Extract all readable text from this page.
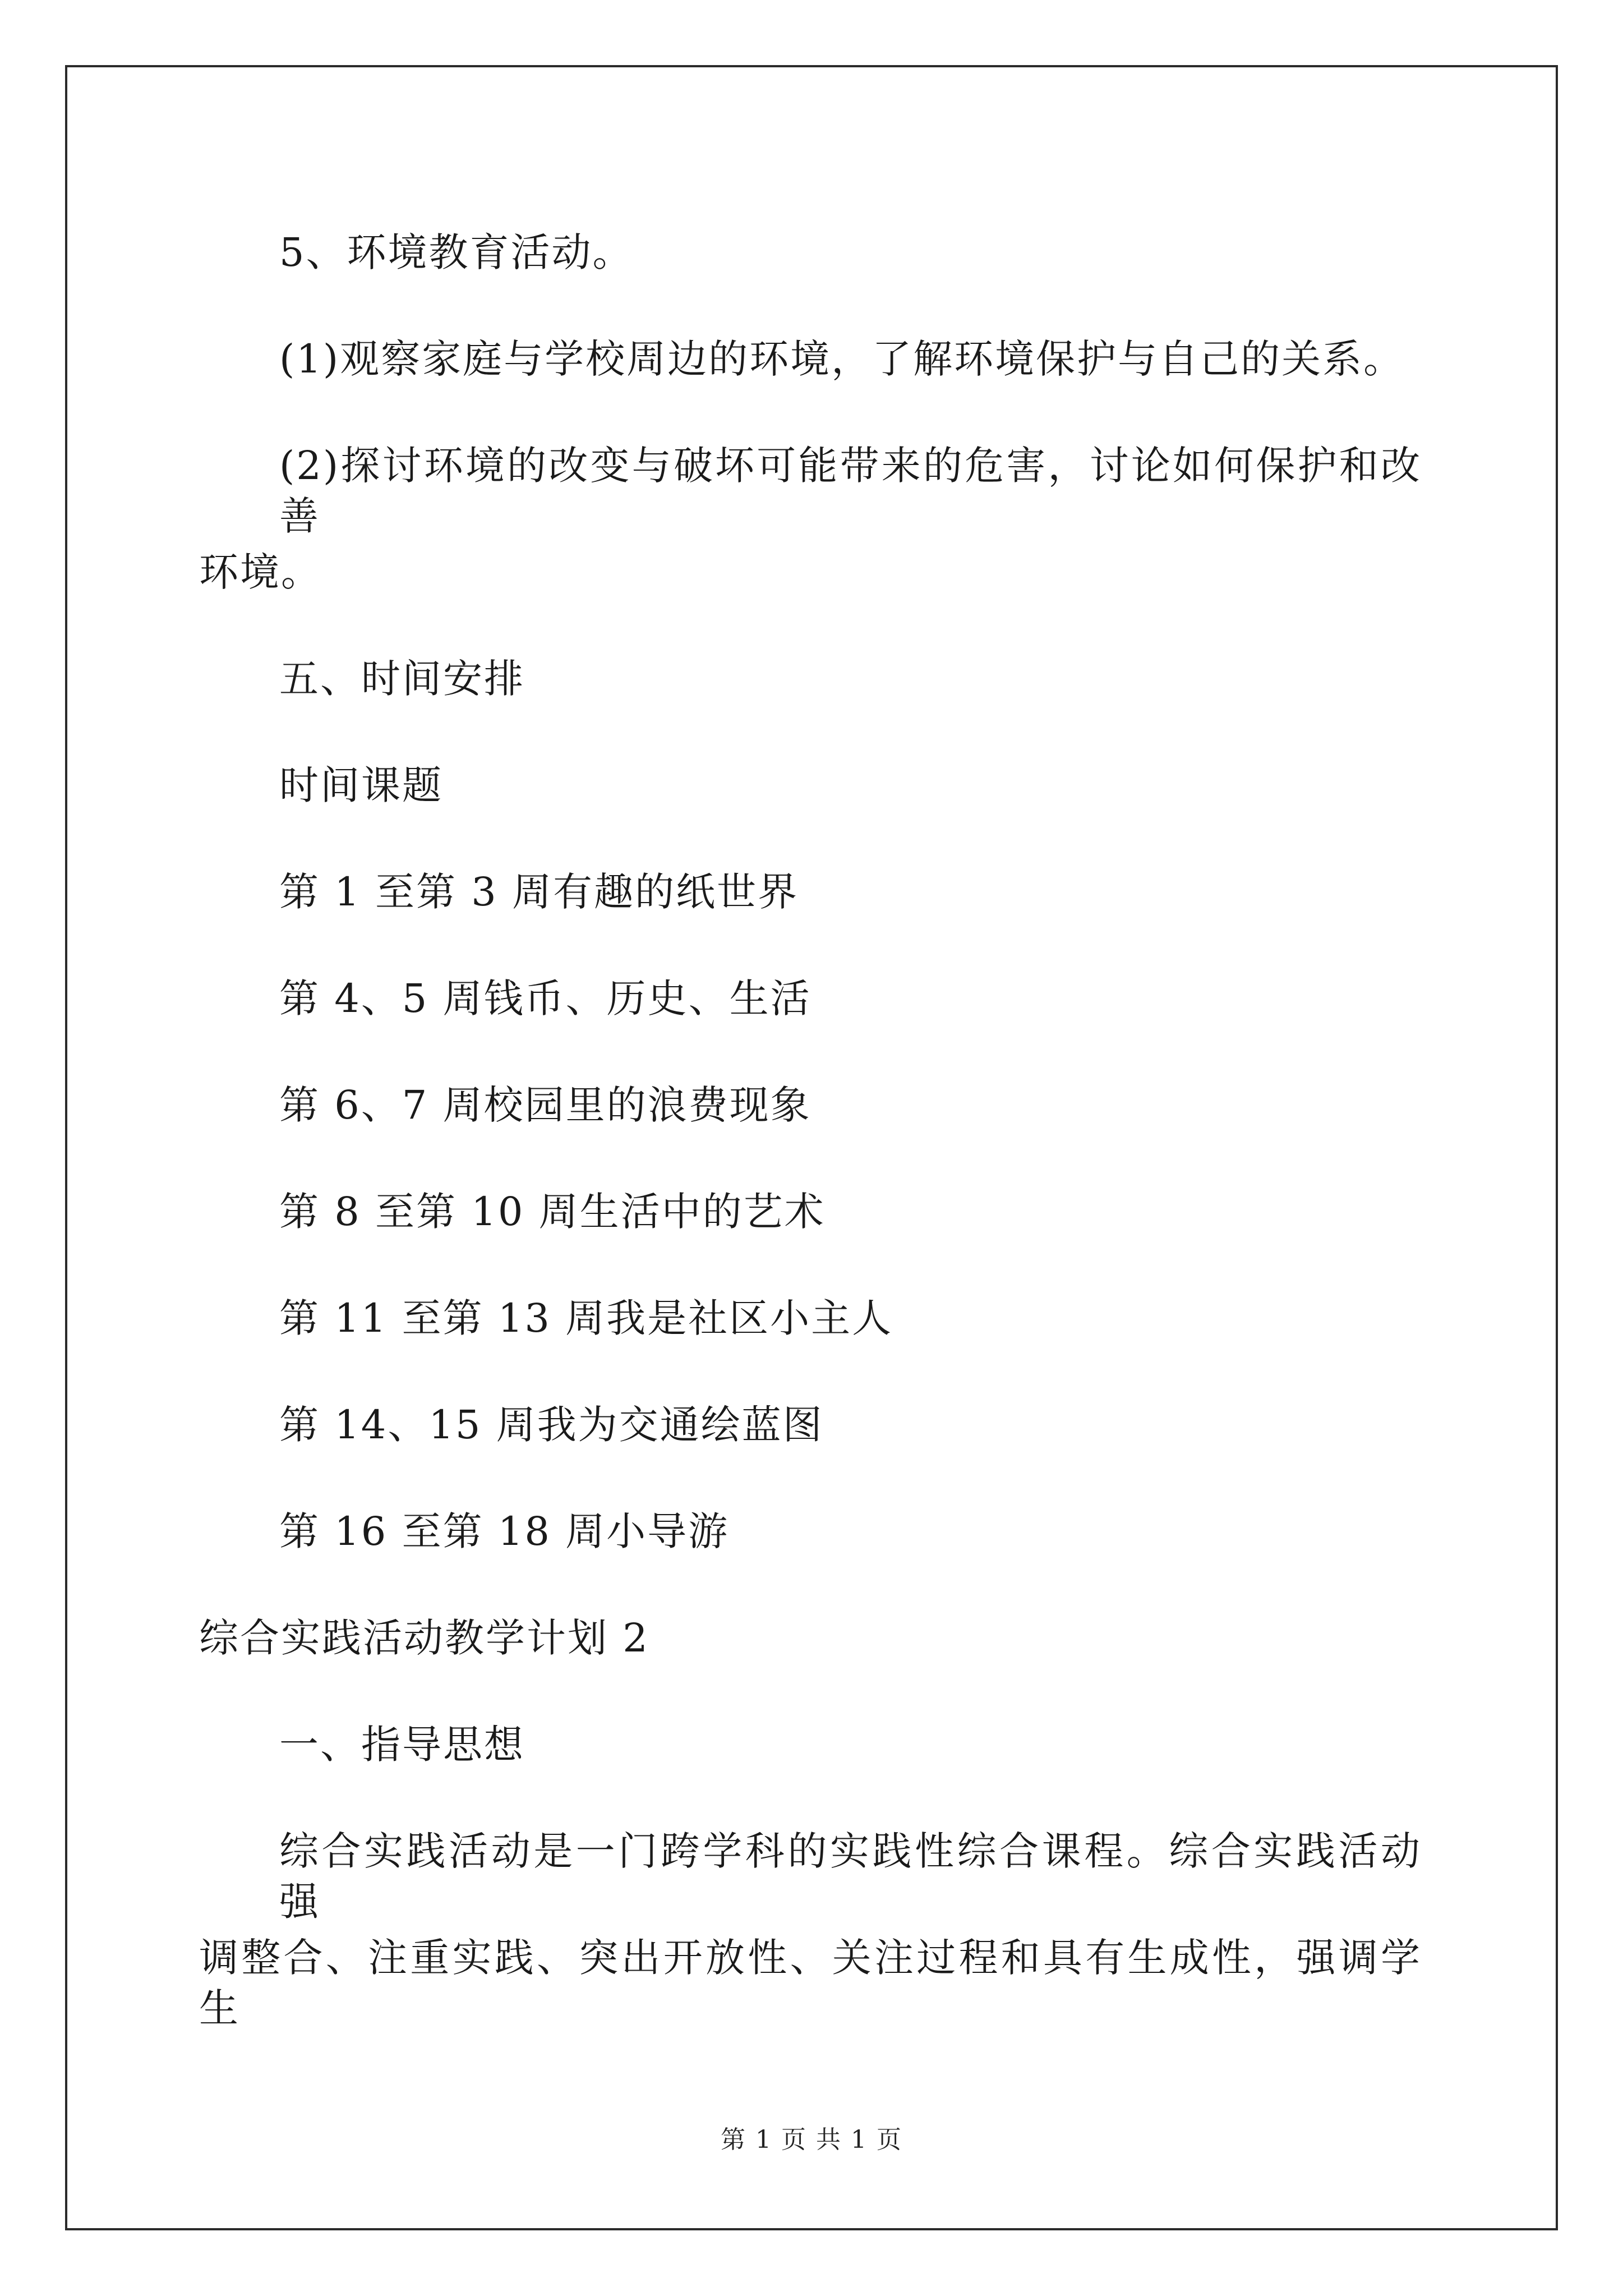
5、环境教育活动。
(1)观察家庭与学校周边的环境，了解环境保护与自己的关系。
(2)探讨环境的改变与破坏可能带来的危害，讨论如何保护和改善
环境。
五、时间安排
时间课题
第 1 至第 3 周有趣的纸世界
第 4、5 周钱币、历史、生活
第 6、7 周校园里的浪费现象
第 8 至第 10 周生活中的艺术
第 11 至第 13 周我是社区小主人
第 14、15 周我为交通绘蓝图
第 16 至第 18 周小导游
综合实践活动教学计划 2
一、指导思想
综合实践活动是一门跨学科的实践性综合课程。综合实践活动强
调整合、注重实践、突出开放性、关注过程和具有生成性，强调学生
第 1 页 共 1 页
